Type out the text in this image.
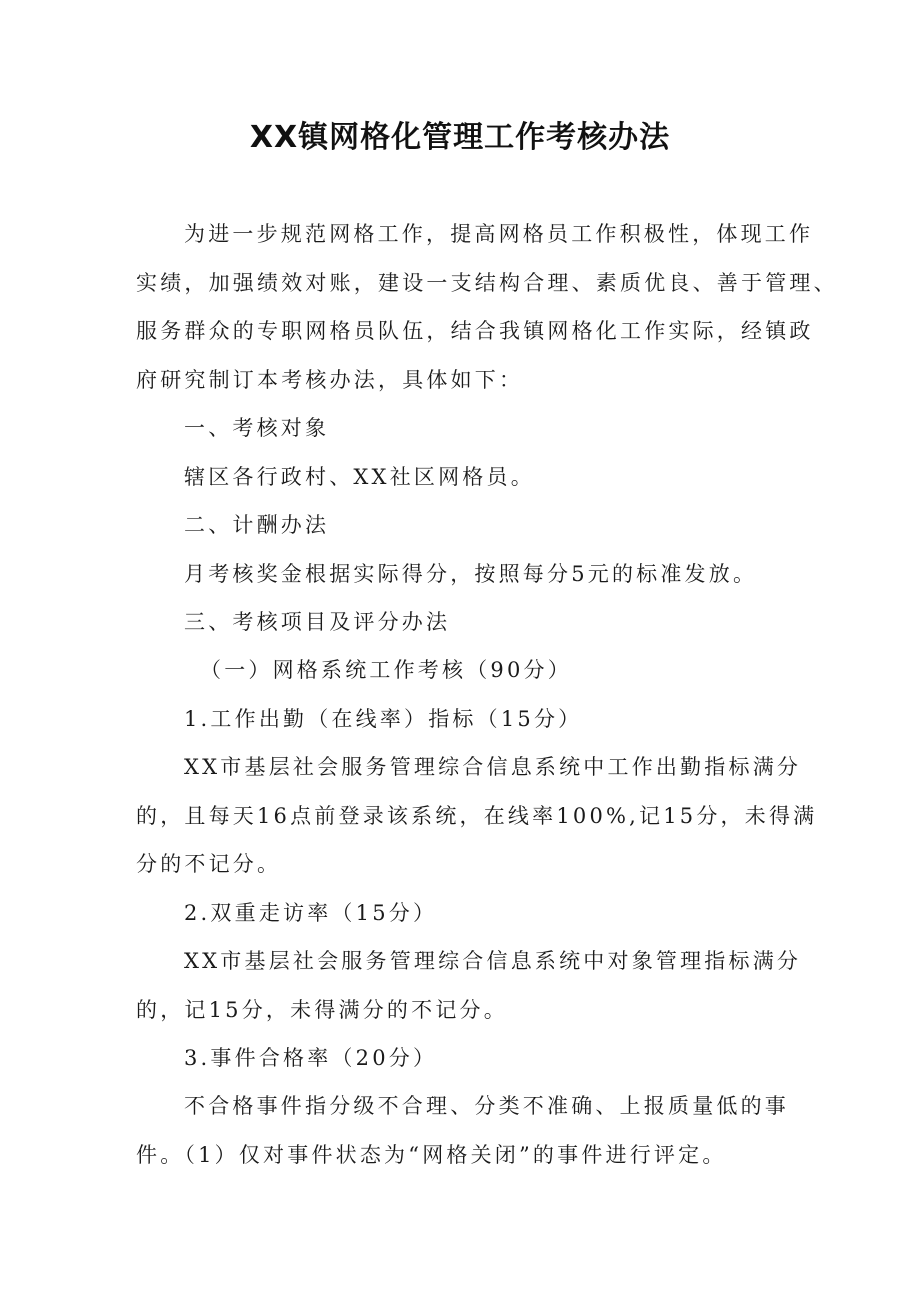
XX镇网格化管理工作考核办法

为进一步规范网格工作，提高网格员工作积极性，体现工作

实绩，加强绩效对账，建设一支结构合理、素质优良、善于管理、

服务群众的专职网格员队伍，结合我镇网格化工作实际，经镇政

府研究制订本考核办法，具体如下：

一、考核对象

辖区各行政村、XX社区网格员。

二、计酬办法

月考核奖金根据实际得分，按照每分5元的标准发放。

三、考核项目及评分办法

（一）网格系统工作考核（90分）

1.工作出勤（在线率）指标（15分）

XX市基层社会服务管理综合信息系统中工作出勤指标满分

的，且每天16点前登录该系统，在线率100%,记15分，未得满

分的不记分。

2.双重走访率（15分）

XX市基层社会服务管理综合信息系统中对象管理指标满分

的，记15分，未得满分的不记分。

3.事件合格率（20分）

不合格事件指分级不合理、分类不准确、上报质量低的事

件。（1）仅对事件状态为“网格关闭”的事件进行评定。
